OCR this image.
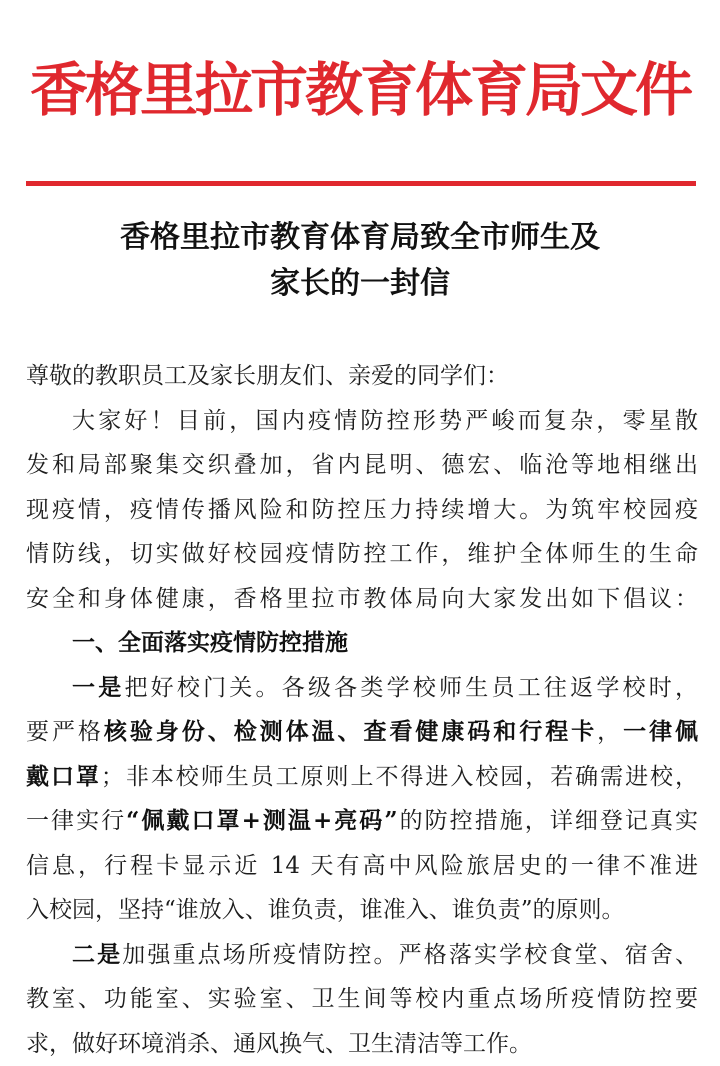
香格里拉市教育体育局文件
香格里拉市教育体育局致全市师生及
家长的一封信
尊敬的教职员工及家长朋友们、亲爱的同学们：
大家好！目前，国内疫情防控形势严峻而复杂，零星散
发和局部聚集交织叠加，省内昆明、德宏、临沧等地相继出
现疫情，疫情传播风险和防控压力持续增大。为筑牢校园疫
情防线，切实做好校园疫情防控工作，维护全体师生的生命
安全和身体健康，香格里拉市教体局向大家发出如下倡议：
一、全面落实疫情防控措施
一是把好校门关。各级各类学校师生员工往返学校时，
要严格核验身份、检测体温、查看健康码和行程卡，一律佩
戴口罩；非本校师生员工原则上不得进入校园，若确需进校，
一律实行“佩戴口罩+测温+亮码”的防控措施，详细登记真实
信息，行程卡显示近 14 天有高中风险旅居史的一律不准进
入校园，坚持“谁放入、谁负责，谁准入、谁负责”的原则。
二是加强重点场所疫情防控。严格落实学校食堂、宿舍、
教室、功能室、实验室、卫生间等校内重点场所疫情防控要
求，做好环境消杀、通风换气、卫生清洁等工作。
